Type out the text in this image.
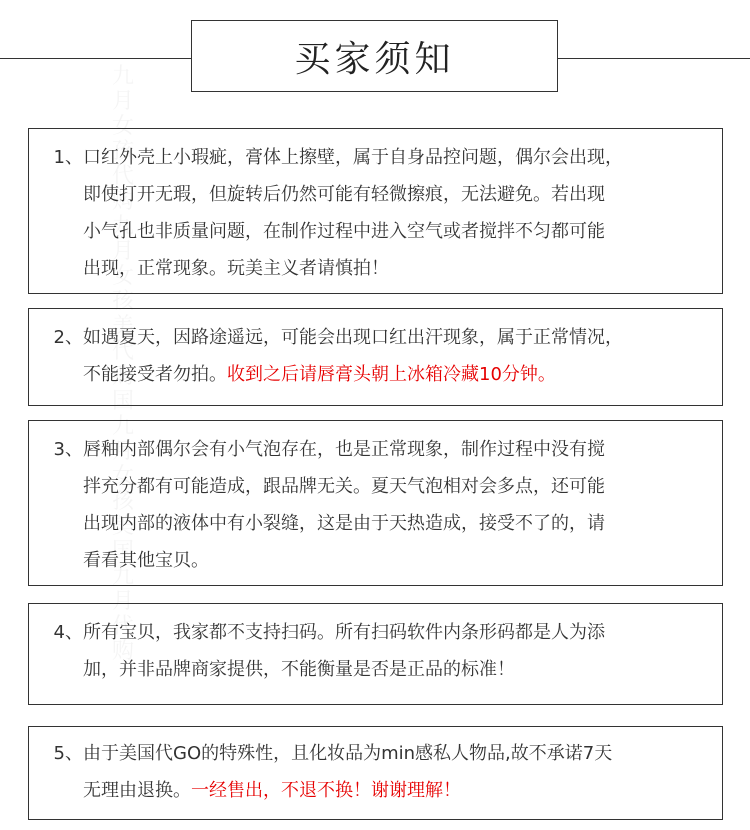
买家须知
1、 口红外壳上小瑕疵，膏体上擦壁，属于自身品控问题，偶尔会出现，
即使打开无瑕，但旋转后仍然可能有轻微擦痕，无法避免。若出现
小气孔也非质量问题，在制作过程中进入空气或者搅拌不匀都可能
出现，正常现象。玩美主义者请慎拍！
2、 如遇夏天，因路途遥远，可能会出现口红出汗现象，属于正常情况，
不能接受者勿拍。收到之后请唇膏头朝上冰箱冷藏10分钟。
3、 唇釉内部偶尔会有小气泡存在，也是正常现象，制作过程中没有搅
拌充分都有可能造成，跟品牌无关。夏天气泡相对会多点，还可能
出现内部的液体中有小裂缝，这是由于天热造成，接受不了的，请
看看其他宝贝。
4、 所有宝贝，我家都不支持扫码。所有扫码软件内条形码都是人为添
加，并非品牌商家提供，不能衡量是否是正品的标准！
5、 由于美国代GO的特殊性，且化妆品为min感私人物品,故不承诺7天
无理由退换。一经售出，不退不换！谢谢理解！
